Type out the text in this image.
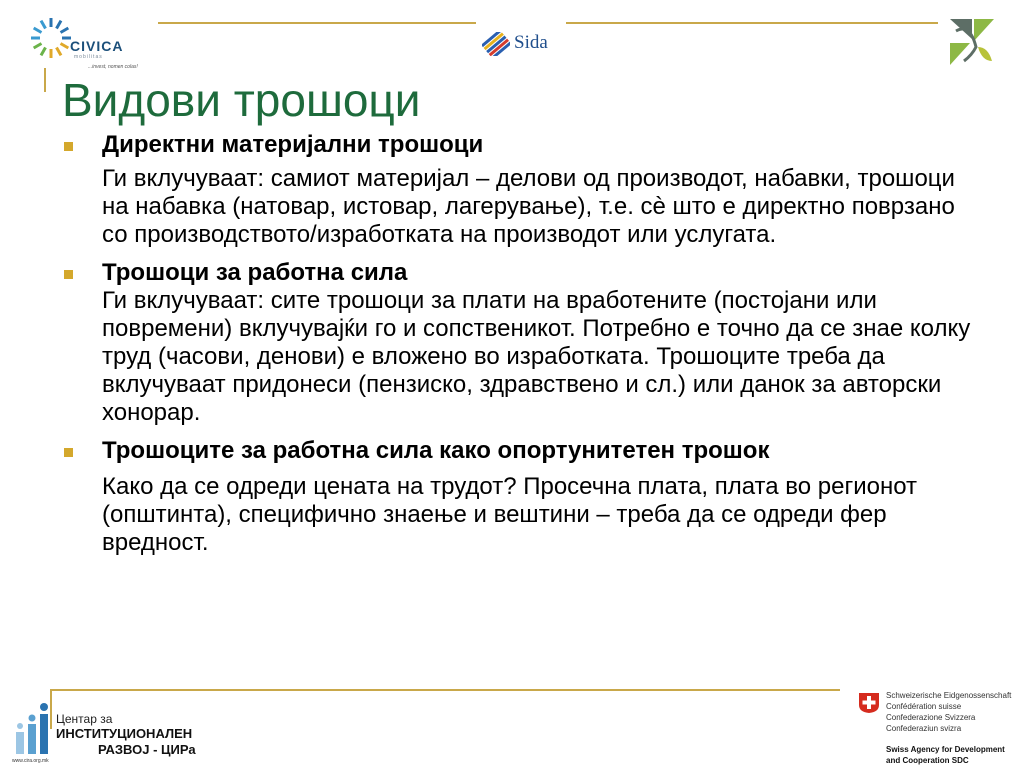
CIVICA
mobilitas
...invest, nomen colas!
Sida
Видови трошоци
Директни материјални трошоци
Ги вклучуваат: самиот материјал – делови од производот, набавки, трошоци на набавка (натовар, истовар, лагерување), т.е. сè што е директно поврзано со производството/изработката на производот или услугата.
Трошоци за работна сила
Ги вклучуваат: сите трошоци за плати на вработените (постојани или повремени) вклучувајќи го и сопственикот. Потребно е точно да се знае колку труд (часови, денови) е вложено во изработката. Трошоците треба да вклучуваат придонеси (пензиско, здравствено и сл.) или данок за авторски хонорар.
Трошоците за работна сила како опортунитетен трошок
Како да се одреди цената на трудот? Просечна плата, плата во регионот (општинта), специфично знаење и вештини – треба да се одреди фер вредност.
Центар за
ИНСТИТУЦИОНАЛЕН
РАЗВОЈ - ЦИРа
www.cira.org.mk
Schweizerische Eidgenossenschaft
Confédération suisse
Confederazione Svizzera
Confederaziun svizra
Swiss Agency for Development
and Cooperation SDC
